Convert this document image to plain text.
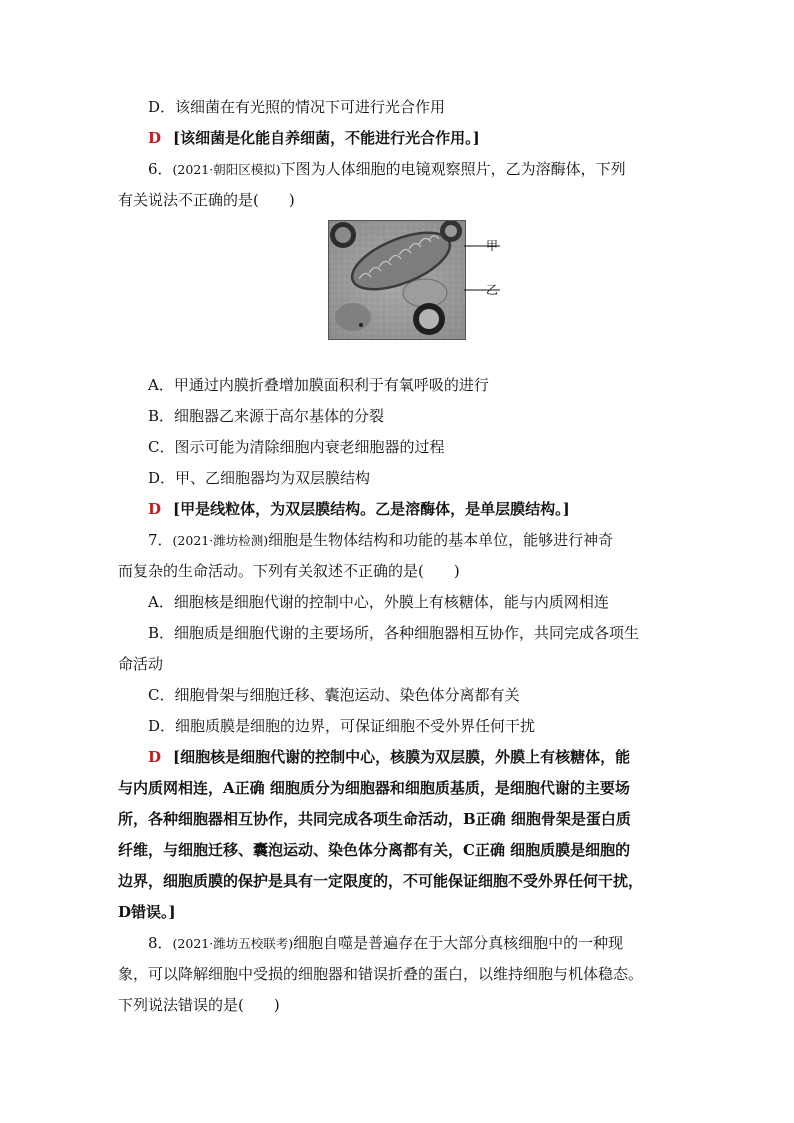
D．该细菌在有光照的情况下可进行光合作用
D [该细菌是化能自养细菌，不能进行光合作用。]
6．(2021·朝阳区模拟)下图为人体细胞的电镜观察照片，乙为溶酶体，下列
有关说法不正确的是(　　)
甲
乙
A．甲通过内膜折叠增加膜面积利于有氧呼吸的进行
B．细胞器乙来源于高尔基体的分裂
C．图示可能为清除细胞内衰老细胞器的过程
D．甲、乙细胞器均为双层膜结构
D [甲是线粒体，为双层膜结构。乙是溶酶体，是单层膜结构。]
7．(2021·潍坊检测)细胞是生物体结构和功能的基本单位，能够进行神奇
而复杂的生命活动。下列有关叙述不正确的是(　　)
A．细胞核是细胞代谢的控制中心，外膜上有核糖体，能与内质网相连
B．细胞质是细胞代谢的主要场所，各种细胞器相互协作，共同完成各项生
命活动
C．细胞骨架与细胞迁移、囊泡运动、染色体分离都有关
D．细胞质膜是细胞的边界，可保证细胞不受外界任何干扰
D [细胞核是细胞代谢的控制中心，核膜为双层膜，外膜上有核糖体，能
与内质网相连，A正确 细胞质分为细胞器和细胞质基质，是细胞代谢的主要场
所，各种细胞器相互协作，共同完成各项生命活动，B正确 细胞骨架是蛋白质
纤维，与细胞迁移、囊泡运动、染色体分离都有关，C正确 细胞质膜是细胞的
边界，细胞质膜的保护是具有一定限度的，不可能保证细胞不受外界任何干扰，
D错误。]
8．(2021·潍坊五校联考)细胞自噬是普遍存在于大部分真核细胞中的一种现
象，可以降解细胞中受损的细胞器和错误折叠的蛋白，以维持细胞与机体稳态。
下列说法错误的是(　　)
